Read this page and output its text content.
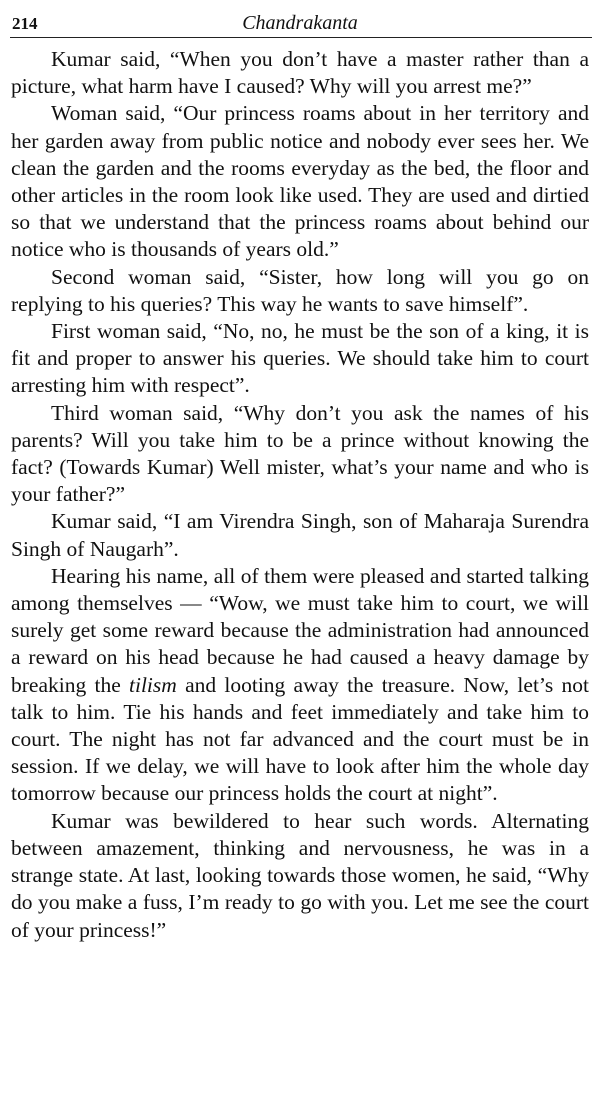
214	Chandrakanta

Kumar said, “When you don’t have a master rather than a picture, what harm have I caused? Why will you arrest me?”

Woman said, “Our princess roams about in her territory and her garden away from public notice and nobody ever sees her. We clean the garden and the rooms everyday as the bed, the floor and other articles in the room look like used. They are used and dirtied so that we understand that the princess roams about behind our notice who is thousands of years old.”

Second woman said, “Sister, how long will you go on replying to his queries? This way he wants to save himself”.

First woman said, “No, no, he must be the son of a king, it is fit and proper to answer his queries. We should take him to court arresting him with respect”.

Third woman said, “Why don’t you ask the names of his parents? Will you take him to be a prince without knowing the fact? (Towards Kumar) Well mister, what’s your name and who is your father?”

Kumar said, “I am Virendra Singh, son of Maharaja Surendra Singh of Naugarh”.

Hearing his name, all of them were pleased and started talking among themselves — “Wow, we must take him to court, we will surely get some reward because the administration had announced a reward on his head because he had caused a heavy damage by breaking the tilism and looting away the treasure. Now, let’s not talk to him. Tie his hands and feet immediately and take him to court. The night has not far advanced and the court must be in session. If we delay, we will have to look after him the whole day tomorrow because our princess holds the court at night”.

Kumar was bewildered to hear such words. Alternating between amazement, thinking and nervousness, he was in a strange state. At last, looking towards those women, he said, “Why do you make a fuss, I’m ready to go with you. Let me see the court of your princess!”
